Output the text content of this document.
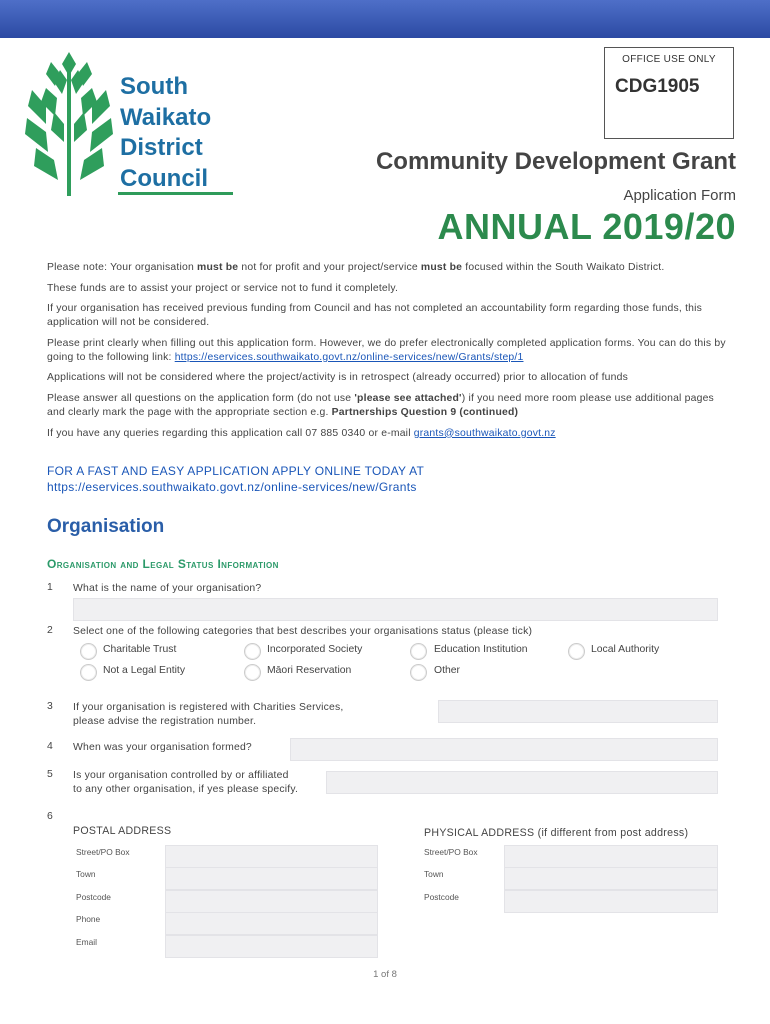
South
Waikato
District
Council
OFFICE USE ONLY
CDG1905
Community Development Grant
Application Form
ANNUAL 2019/20

Please note: Your organisation must be not for profit and your project/service must be focused within the South Waikato District.

These funds are to assist your project or service not to fund it completely.

If your organisation has received previous funding from Council and has not completed an accountability form regarding those funds, this application will not be considered.

Please print clearly when filling out this application form. However, we do prefer electronically completed application forms. You can do this by going to the following link: https://eservices.southwaikato.govt.nz/online-services/new/Grants/step/1

Applications will not be considered where the project/activity is in retrospect (already occurred) prior to allocation of funds

Please answer all questions on the application form (do not use 'please see attached') if you need more room please use additional pages and clearly mark the page with the appropriate section e.g. Partnerships Question 9 (continued)

If you have any queries regarding this application call 07 885 0340 or e-mail grants@southwaikato.govt.nz

FOR A FAST AND EASY APPLICATION APPLY ONLINE TODAY AT
https://eservices.southwaikato.govt.nz/online-services/new/Grants
Organisation
Organisation and Legal Status Information
1 What is the name of your organisation?
2 Select one of the following categories that best describes your organisations status (please tick)
Charitable Trust	Incorporated Society	Education Institution	Local Authority
Not a Legal Entity	Māori Reservation	Other
3 If your organisation is registered with Charities Services,
please advise the registration number.
4 When was your organisation formed?
5 Is your organisation controlled by or affiliated
to any other organisation, if yes please specify.
6
POSTAL ADDRESS	PHYSICAL ADDRESS (if different from post address)
Street/PO Box
Town
Postcode
Phone
Email
Street/PO Box
Town
Postcode
1 of 8
